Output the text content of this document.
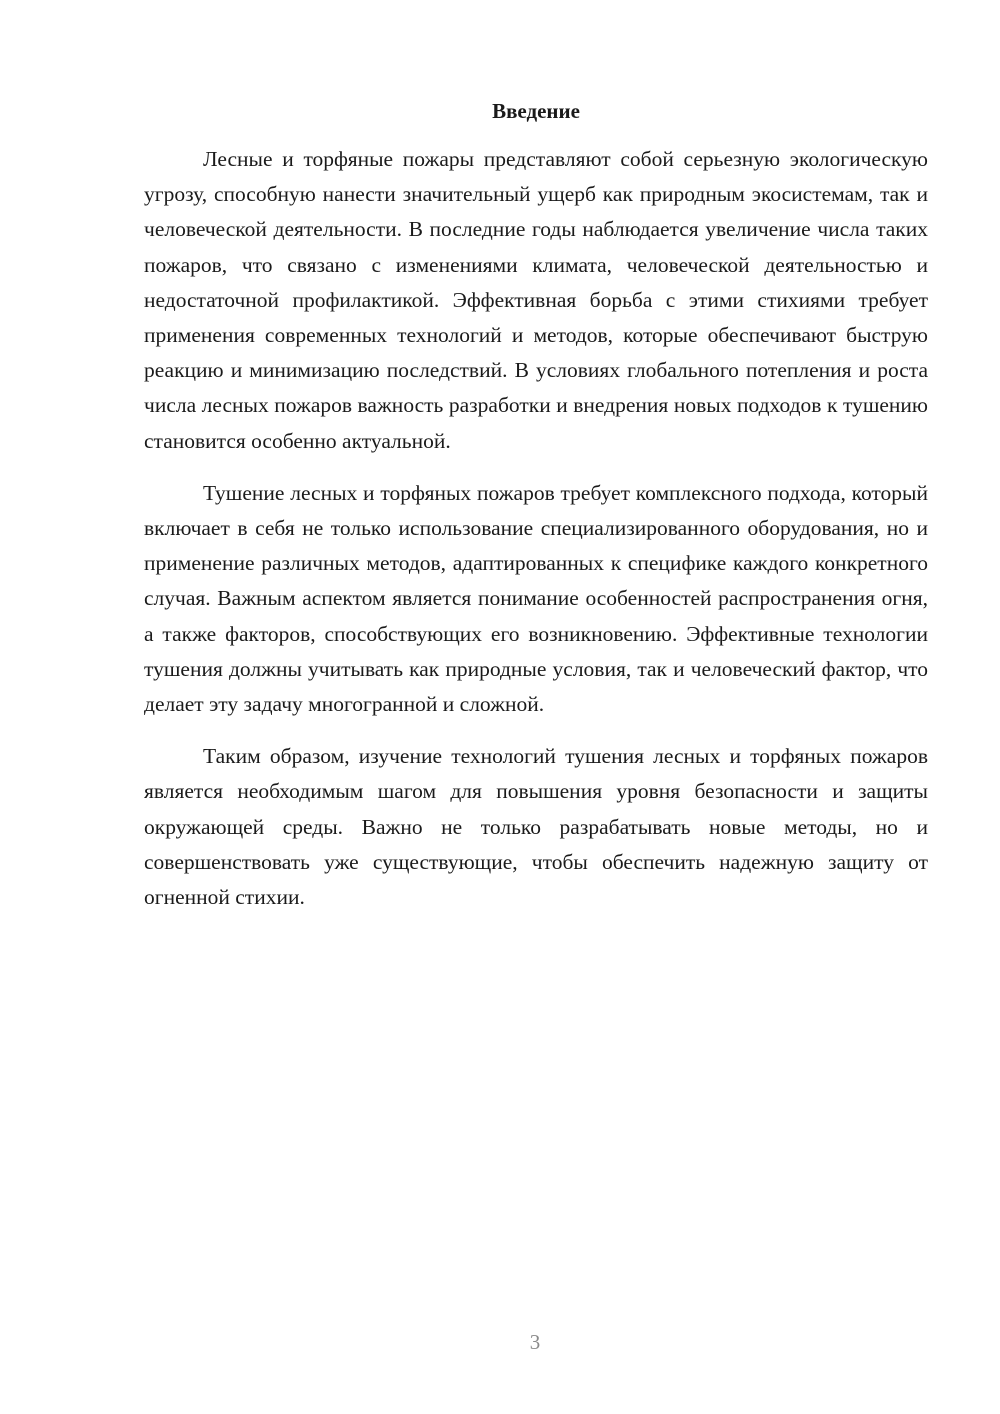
Введение

Лесные и торфяные пожары представляют собой серьезную экологическую угрозу, способную нанести значительный ущерб как природным экосистемам, так и человеческой деятельности. В последние годы наблюдается увеличение числа таких пожаров, что связано с изменениями климата, человеческой деятельностью и недостаточной профилактикой. Эффективная борьба с этими стихиями требует применения современных технологий и методов, которые обеспечивают быструю реакцию и минимизацию последствий. В условиях глобального потепления и роста числа лесных пожаров важность разработки и внедрения новых подходов к тушению становится особенно актуальной.

Тушение лесных и торфяных пожаров требует комплексного подхода, который включает в себя не только использование специализированного оборудования, но и применение различных методов, адаптированных к специфике каждого конкретного случая. Важным аспектом является понимание особенностей распространения огня, а также факторов, способствующих его возникновению. Эффективные технологии тушения должны учитывать как природные условия, так и человеческий фактор, что делает эту задачу многогранной и сложной.

Таким образом, изучение технологий тушения лесных и торфяных пожаров является необходимым шагом для повышения уровня безопасности и защиты окружающей среды. Важно не только разрабатывать новые методы, но и совершенствовать уже существующие, чтобы обеспечить надежную защиту от огненной стихии.

3
